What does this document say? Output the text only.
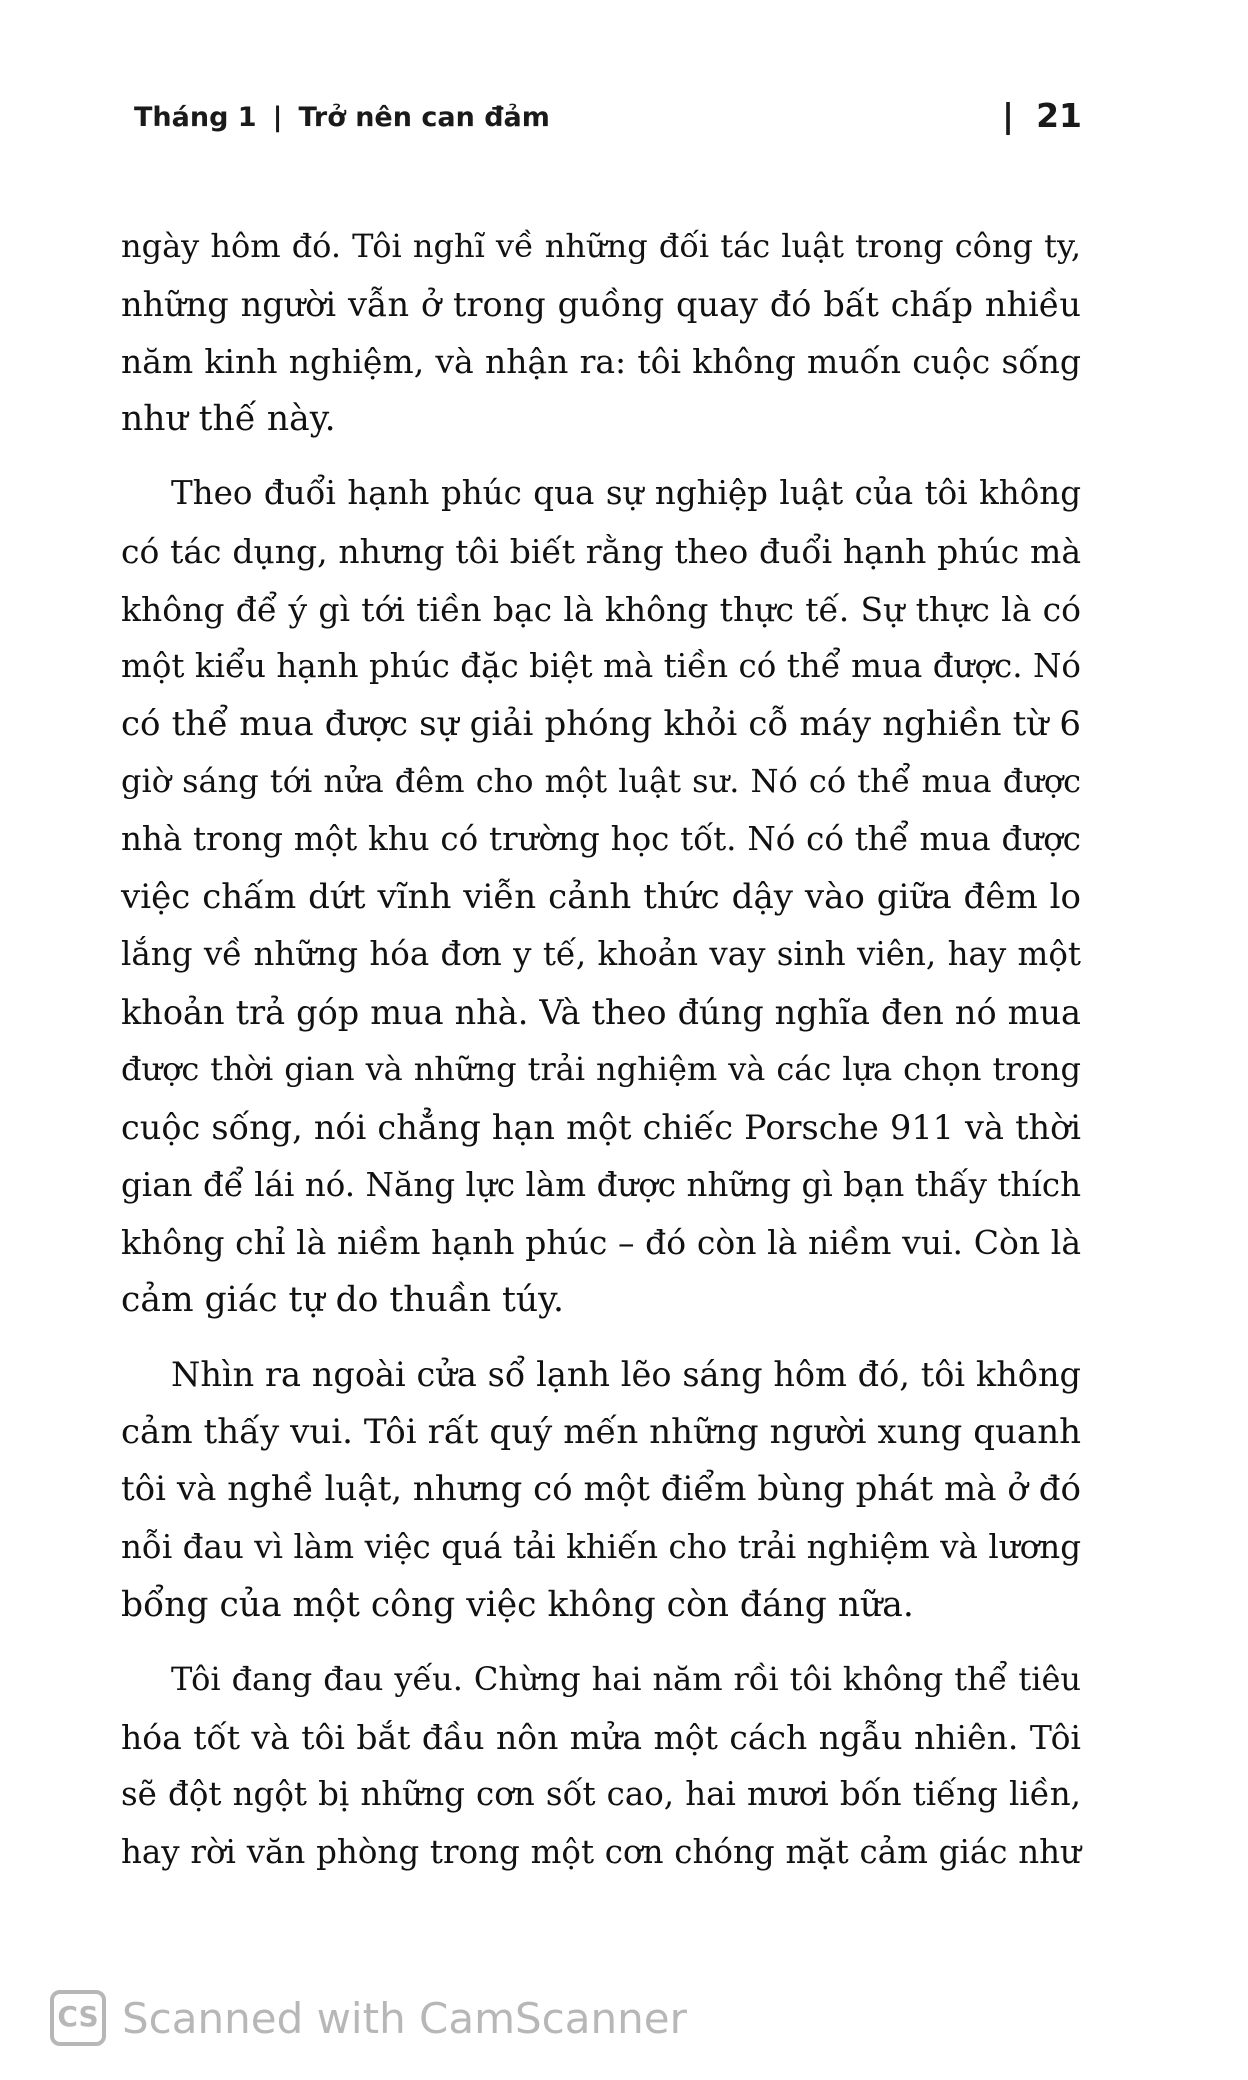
Tháng 1 | Trở nên can đảm	| 21

ngày hôm đó. Tôi nghĩ về những đối tác luật trong công ty,
những người vẫn ở trong guồng quay đó bất chấp nhiều
năm kinh nghiệm, và nhận ra: tôi không muốn cuộc sống
như thế này.

Theo đuổi hạnh phúc qua sự nghiệp luật của tôi không
có tác dụng, nhưng tôi biết rằng theo đuổi hạnh phúc mà
không để ý gì tới tiền bạc là không thực tế. Sự thực là có
một kiểu hạnh phúc đặc biệt mà tiền có thể mua được. Nó
có thể mua được sự giải phóng khỏi cỗ máy nghiền từ 6
giờ sáng tới nửa đêm cho một luật sư. Nó có thể mua được
nhà trong một khu có trường học tốt. Nó có thể mua được
việc chấm dứt vĩnh viễn cảnh thức dậy vào giữa đêm lo
lắng về những hóa đơn y tế, khoản vay sinh viên, hay một
khoản trả góp mua nhà. Và theo đúng nghĩa đen nó mua
được thời gian và những trải nghiệm và các lựa chọn trong
cuộc sống, nói chẳng hạn một chiếc Porsche 911 và thời
gian để lái nó. Năng lực làm được những gì bạn thấy thích
không chỉ là niềm hạnh phúc – đó còn là niềm vui. Còn là
cảm giác tự do thuần túy.

Nhìn ra ngoài cửa sổ lạnh lẽo sáng hôm đó, tôi không
cảm thấy vui. Tôi rất quý mến những người xung quanh
tôi và nghề luật, nhưng có một điểm bùng phát mà ở đó
nỗi đau vì làm việc quá tải khiến cho trải nghiệm và lương
bổng của một công việc không còn đáng nữa.

Tôi đang đau yếu. Chừng hai năm rồi tôi không thể tiêu
hóa tốt và tôi bắt đầu nôn mửa một cách ngẫu nhiên. Tôi
sẽ đột ngột bị những cơn sốt cao, hai mươi bốn tiếng liền,
hay rời văn phòng trong một cơn chóng mặt cảm giác như

CS Scanned with CamScanner
